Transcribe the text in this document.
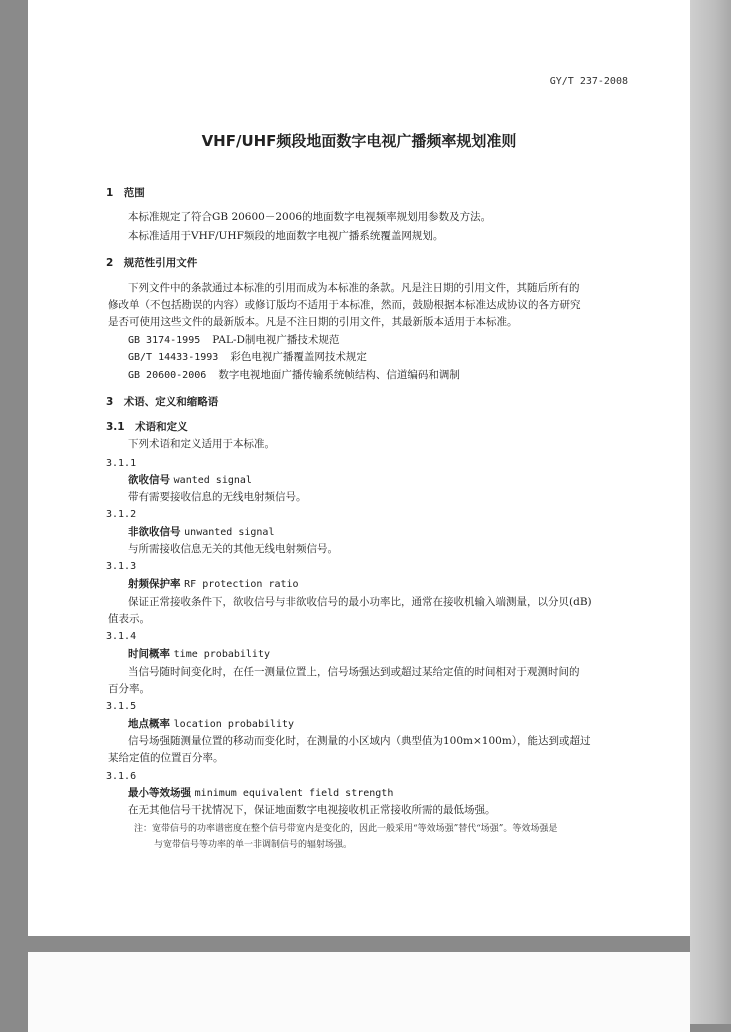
GY/T 237-2008
VHF/UHF频段地面数字电视广播频率规划准则
1　范围
本标准规定了符合GB 20600－2006的地面数字电视频率规划用参数及方法。
本标准适用于VHF/UHF频段的地面数字电视广播系统覆盖网规划。
2　规范性引用文件
下列文件中的条款通过本标准的引用而成为本标准的条款。凡是注日期的引用文件，其随后所有的
修改单（不包括勘误的内容）或修订版均不适用于本标准，然而，鼓励根据本标准达成协议的各方研究
是否可使用这些文件的最新版本。凡是不注日期的引用文件，其最新版本适用于本标准。
GB 3174-1995 PAL-D制电视广播技术规范
GB/T 14433-1993 彩色电视广播覆盖网技术规定
GB 20600-2006 数字电视地面广播传输系统帧结构、信道编码和调制
3　术语、定义和缩略语
3.1　术语和定义
下列术语和定义适用于本标准。
3.1.1
欲收信号 wanted signal
带有需要接收信息的无线电射频信号。
3.1.2
非欲收信号 unwanted signal
与所需接收信息无关的其他无线电射频信号。
3.1.3
射频保护率 RF protection ratio
保证正常接收条件下，欲收信号与非欲收信号的最小功率比，通常在接收机输入端测量，以分贝(dB)
值表示。
3.1.4
时间概率 time probability
当信号随时间变化时，在任一测量位置上，信号场强达到或超过某给定值的时间相对于观测时间的
百分率。
3.1.5
地点概率 location probability
信号场强随测量位置的移动而变化时，在测量的小区域内（典型值为100m×100m），能达到或超过
某给定值的位置百分率。
3.1.6
最小等效场强 minimum equivalent field strength
在无其他信号干扰情况下，保证地面数字电视接收机正常接收所需的最低场强。
注：宽带信号的功率谱密度在整个信号带宽内是变化的，因此一般采用“等效场强”替代“场强”。等效场强是
与宽带信号等功率的单一非调制信号的辐射场强。
